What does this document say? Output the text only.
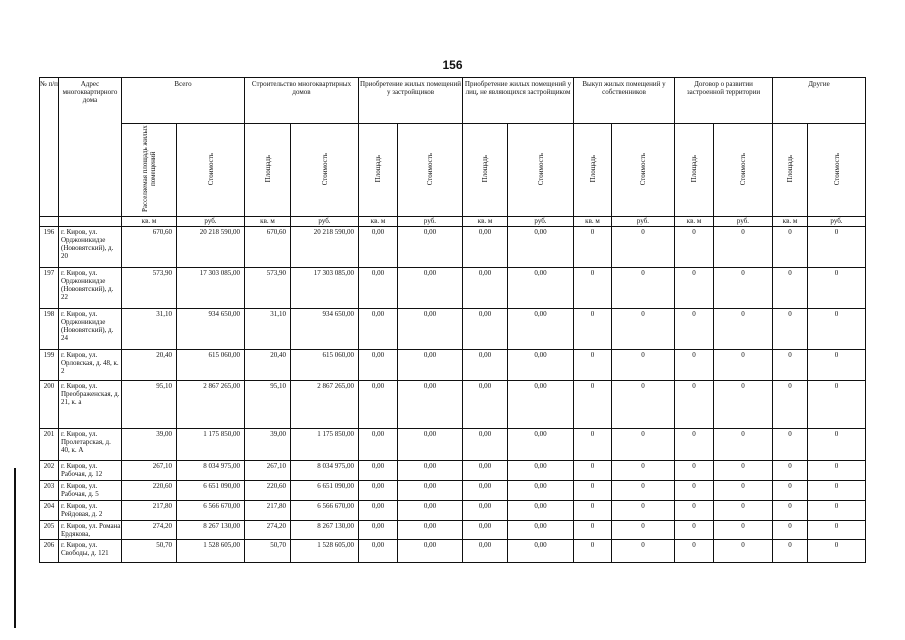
156
№ п/п	Адрес многоквартирного дома	Всего		Строительство многоквартирных домов		Приобретение жилых помещений у застройщиков		Приобретение жилых помещений у лиц, не являющихся застройщиком		Выкуп жилых помещений у собственников		Договор о развитии застроенной территории		Другие	
		Расселяемая площадь жилых помещений	Стоимость	Площадь	Стоимость	Площадь	Стоимость	Площадь	Стоимость	Площадь	Стоимость	Площадь	Стоимость	Площадь	Стоимость
		кв. м	руб.	кв. м	руб.	кв. м	руб.	кв. м	руб.	кв. м	руб.	кв. м	руб.	кв. м	руб.
196	г. Киров, ул. Орджоникидзе (Нововятский), д. 20	670,60	20 218 590,00	670,60	20 218 590,00	0,00	0,00	0,00	0,00	0	0	0	0	0	0
197	г. Киров, ул. Орджоникидзе (Нововятский), д. 22	573,90	17 303 085,00	573,90	17 303 085,00	0,00	0,00	0,00	0,00	0	0	0	0	0	0
198	г. Киров, ул. Орджоникидзе (Нововятский), д. 24	31,10	934 650,00	31,10	934 650,00	0,00	0,00	0,00	0,00	0	0	0	0	0	0
199	г. Киров, ул. Орловская, д. 48, к. 2	20,40	615 060,00	20,40	615 060,00	0,00	0,00	0,00	0,00	0	0	0	0	0	0
200	г. Киров, ул. Преображенская, д. 21, к. а	95,10	2 867 265,00	95,10	2 867 265,00	0,00	0,00	0,00	0,00	0	0	0	0	0	0
201	г. Киров, ул. Пролетарская, д. 40, к. А	39,00	1 175 850,00	39,00	1 175 850,00	0,00	0,00	0,00	0,00	0	0	0	0	0	0
202	г. Киров, ул. Рабочая, д. 12	267,10	8 034 975,00	267,10	8 034 975,00	0,00	0,00	0,00	0,00	0	0	0	0	0	0
203	г. Киров, ул. Рабочая, д. 5	220,60	6 651 090,00	220,60	6 651 090,00	0,00	0,00	0,00	0,00	0	0	0	0	0	0
204	г. Киров, ул. Рейдовая, д. 2	217,80	6 566 670,00	217,80	6 566 670,00	0,00	0,00	0,00	0,00	0	0	0	0	0	0
205	г. Киров, ул. Романа Ердякова,	274,20	8 267 130,00	274,20	8 267 130,00	0,00	0,00	0,00	0,00	0	0	0	0	0	0
206	г. Киров, ул. Свободы, д. 121	50,70	1 528 605,00	50,70	1 528 605,00	0,00	0,00	0,00	0,00	0	0	0	0	0	0
